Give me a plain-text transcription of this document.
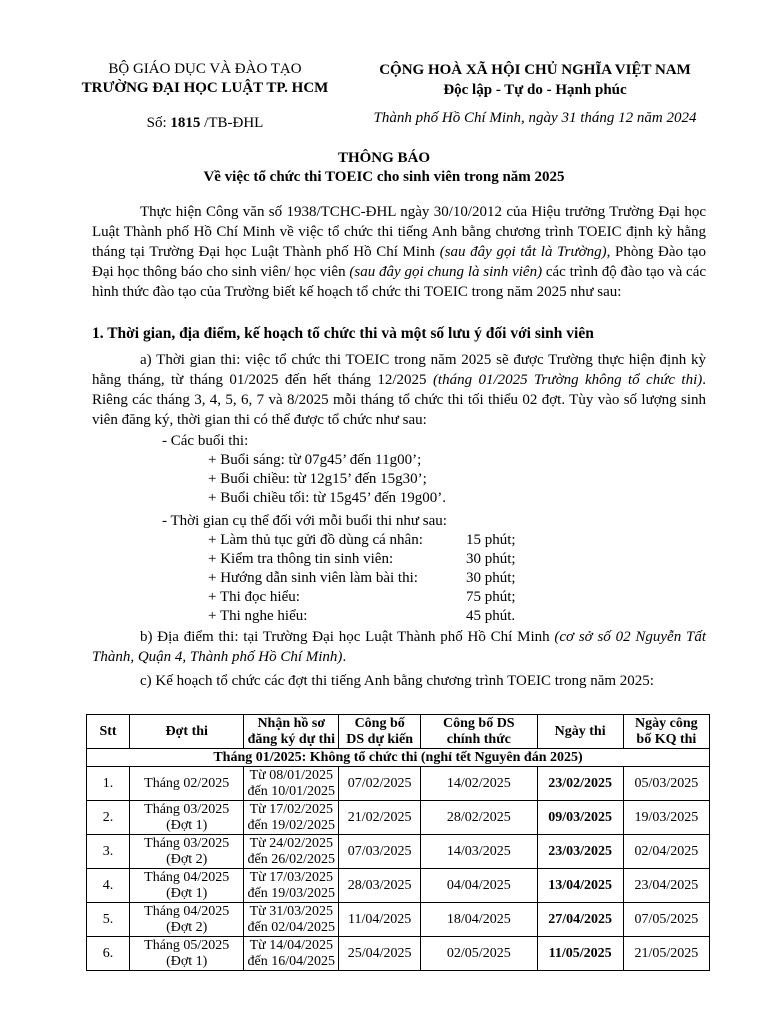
BỘ GIÁO DỤC VÀ ĐÀO TẠO
TRƯỜNG ĐẠI HỌC LUẬT TP. HCM
Số: 1815 /TB-ĐHL
CỘNG HOÀ XÃ HỘI CHỦ NGHĨA VIỆT NAM
Độc lập - Tự do - Hạnh phúc
Thành phố Hồ Chí Minh, ngày 31 tháng 12 năm 2024
THÔNG BÁO
Về việc tổ chức thi TOEIC cho sinh viên trong năm 2025

Thực hiện Công văn số 1938/TCHC-ĐHL ngày 30/10/2012 của Hiệu trưởng Trường Đại học Luật Thành phố Hồ Chí Minh về việc tổ chức thi tiếng Anh bằng chương trình TOEIC định kỳ hằng tháng tại Trường Đại học Luật Thành phố Hồ Chí Minh (sau đây gọi tắt là Trường), Phòng Đào tạo Đại học thông báo cho sinh viên/ học viên (sau đây gọi chung là sinh viên) các trình độ đào tạo và các hình thức đào tạo của Trường biết kế hoạch tổ chức thi TOEIC trong năm 2025 như sau:

1. Thời gian, địa điểm, kế hoạch tổ chức thi và một số lưu ý đối với sinh viên

a) Thời gian thi: việc tổ chức thi TOEIC trong năm 2025 sẽ được Trường thực hiện định kỳ hằng tháng, từ tháng 01/2025 đến hết tháng 12/2025 (tháng 01/2025 Trường không tổ chức thi). Riêng các tháng 3, 4, 5, 6, 7 và 8/2025 mỗi tháng tổ chức thi tối thiểu 02 đợt. Tùy vào số lượng sinh viên đăng ký, thời gian thi có thể được tổ chức như sau:

- Các buổi thi:
+ Buổi sáng: từ 07g45’ đến 11g00’;
+ Buổi chiều: từ 12g15’ đến 15g30’;
+ Buổi chiều tối: từ 15g45’ đến 19g00’.
- Thời gian cụ thể đối với mỗi buổi thi như sau:
+ Làm thủ tục gửi đồ dùng cá nhân:	15 phút;
+ Kiểm tra thông tin sinh viên:	30 phút;
+ Hướng dẫn sinh viên làm bài thi:	30 phút;
+ Thi đọc hiểu:	75 phút;
+ Thi nghe hiểu:	45 phút.

b) Địa điểm thi: tại Trường Đại học Luật Thành phố Hồ Chí Minh (cơ sở số 02 Nguyễn Tất Thành, Quận 4, Thành phố Hồ Chí Minh).

c) Kế hoạch tổ chức các đợt thi tiếng Anh bằng chương trình TOEIC trong năm 2025:

Stt	Đợt thi	Nhận hồ sơ
đăng ký dự thi	Công bố
DS dự kiến	Công bố DS
chính thức	Ngày thi	Ngày công
bố KQ thi
Tháng 01/2025: Không tổ chức thi (nghỉ tết Nguyên đán 2025)						
1.	Tháng 02/2025	Từ 08/01/2025
đến 10/01/2025	07/02/2025	14/02/2025	23/02/2025	05/03/2025
2.	Tháng 03/2025
(Đợt 1)	Từ 17/02/2025
đến 19/02/2025	21/02/2025	28/02/2025	09/03/2025	19/03/2025
3.	Tháng 03/2025
(Đợt 2)	Từ 24/02/2025
đến 26/02/2025	07/03/2025	14/03/2025	23/03/2025	02/04/2025
4.	Tháng 04/2025
(Đợt 1)	Từ 17/03/2025
đến 19/03/2025	28/03/2025	04/04/2025	13/04/2025	23/04/2025
5.	Tháng 04/2025
(Đợt 2)	Từ 31/03/2025
đến 02/04/2025	11/04/2025	18/04/2025	27/04/2025	07/05/2025
6.	Tháng 05/2025
(Đợt 1)	Từ 14/04/2025
đến 16/04/2025	25/04/2025	02/05/2025	11/05/2025	21/05/2025
